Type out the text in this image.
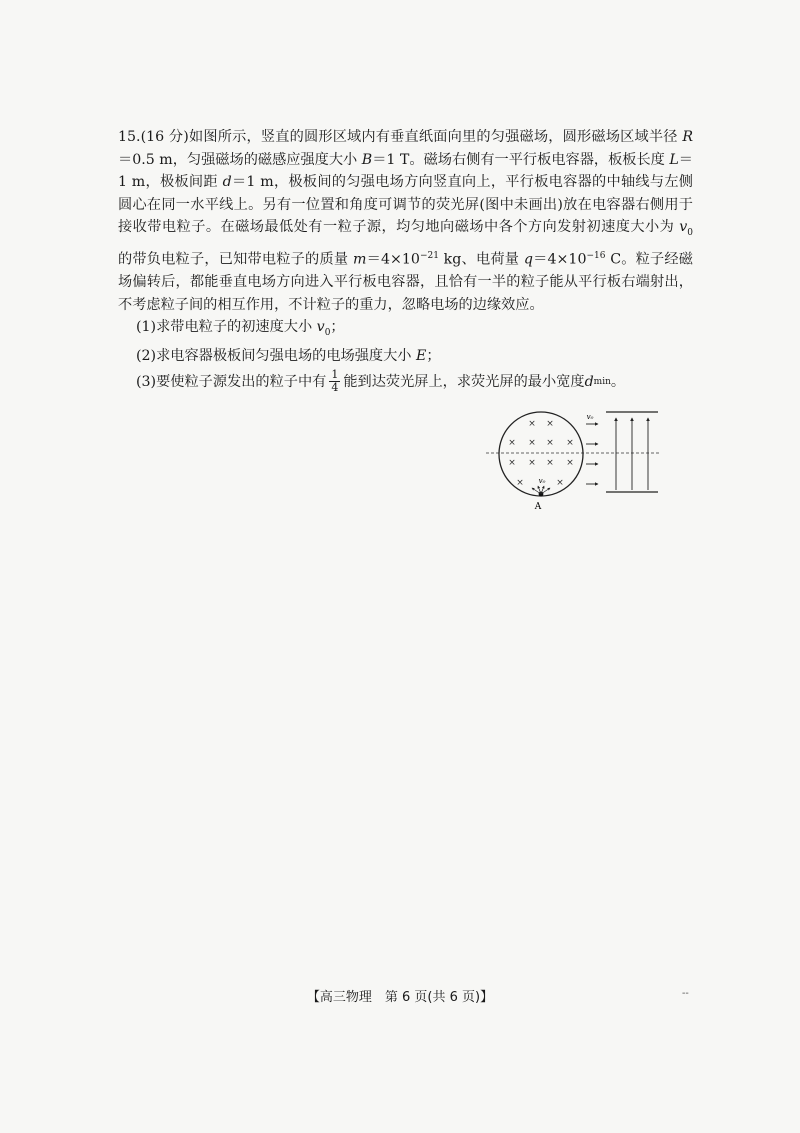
15.(16 分)如图所示，竖直的圆形区域内有垂直纸面向里的匀强磁场，圆形磁场区域半径 R＝0.5 m，匀强磁场的磁感应强度大小 B＝1 T。磁场右侧有一平行板电容器，板板长度 L＝1 m，极板间距 d＝1 m，极板间的匀强电场方向竖直向上，平行板电容器的中轴线与左侧圆心在同一水平线上。另有一位置和角度可调节的荧光屏(图中未画出)放在电容器右侧用于接收带电粒子。在磁场最低处有一粒子源，均匀地向磁场中各个方向发射初速度大小为 $v_0$ 的带负电粒子，已知带电粒子的质量 $m=4\times 10^{-21}$ kg、电荷量 $q=4\times 10^{-16}$ C。粒子经磁场偏转后，都能垂直电场方向进入平行板电容器，且恰有一半的粒子能从平行板右端射出，不考虑粒子间的相互作用，不计粒子的重力，忽略电场的边缘效应。

(1)求带电粒子的初速度大小 $v_0$；

(2)求电容器极板间匀强电场的电场强度大小 E；

(3)要使粒子源发出的粒子中有 $\frac{1}{4}$ 能到达荧光屏上，求荧光屏的最小宽度 d min 。

× ×
× × × ×
× × × ×
×	×
v₀
A
v₀
【高三物理　第 6 页(共 6 页)】	--
